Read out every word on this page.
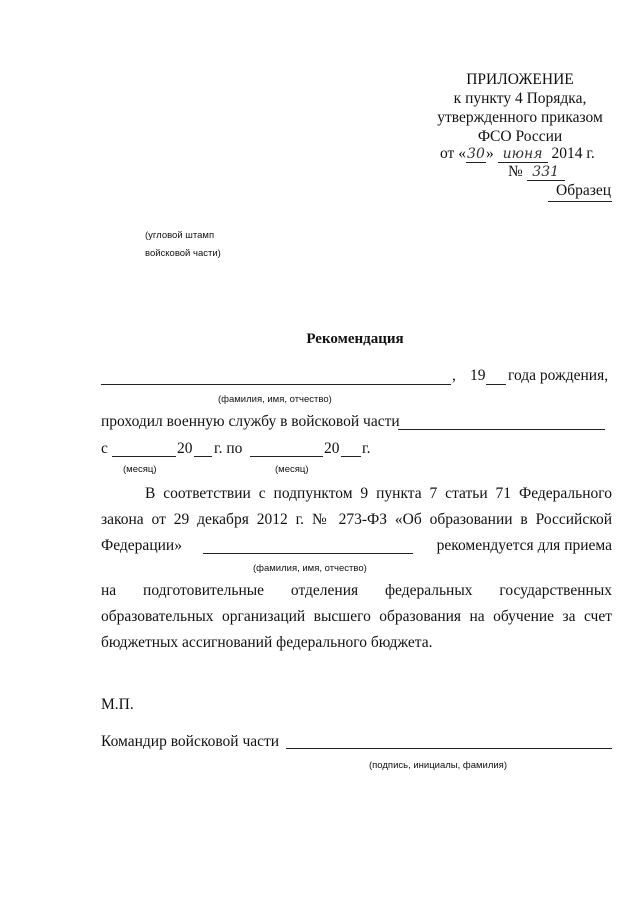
ПРИЛОЖЕНИЕ
к пункту 4 Порядка,
утвержденного приказом
ФСО России
от «30» июня 2014 г.
№ 331
Образец
(угловой штамп
войсковой части)
Рекомендация
, 19 года рождения,
(фамилия, имя, отчество)
проходил военную службу в войсковой части
с	20 г. по	20 г.
(месяц)	(месяц)
В соответствии с подпунктом 9 пункта 7 статьи 71 Федерального
закона от 29 декабря 2012 г. № 273-ФЗ «Об образовании в Российской
Федерации»	рекомендуется для приема
(фамилия, имя, отчество)
на подготовительные отделения федеральных государственных
образовательных организаций высшего образования на обучение за счет
бюджетных ассигнований федерального бюджета.
М.П.
Командир войсковой части
(подпись, инициалы, фамилия)
